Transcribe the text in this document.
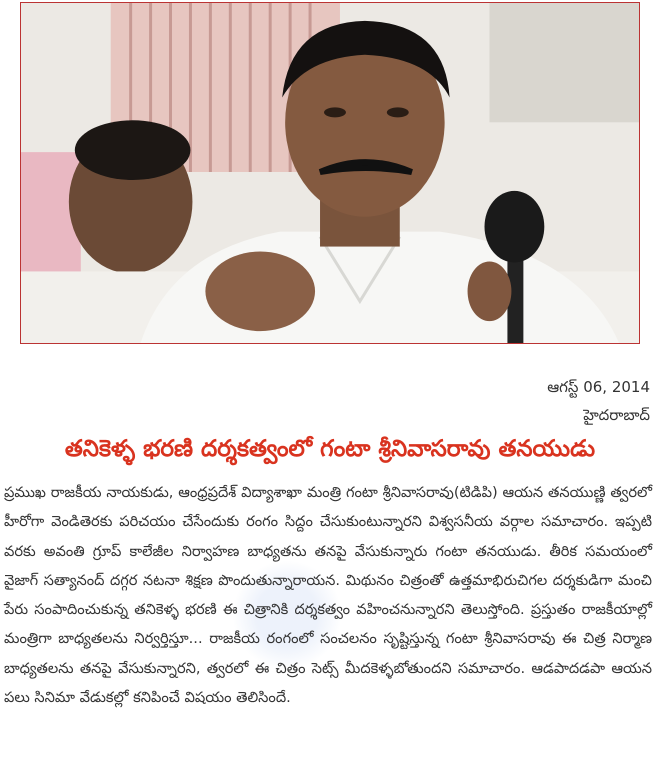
ఆగస్ట్ 06, 2014
హైదరాబాద్
తనికెళ్ళ భరణి దర్శకత్వంలో గంటా శ్రీనివాసరావు తనయుడు

ప్రముఖ రాజకీయ నాయకుడు, ఆంధ్రప్రదేశ్ విద్యాశాఖా మంత్రి గంటా శ్రీనివాసరావు(టిడిపి) ఆయన తనయుణ్ణి త్వరలో హీరోగా వెండితెరకు పరిచయం చేసేందుకు రంగం సిద్దం చేసుకుంటున్నారని విశ్వసనీయ వర్గాల సమాచారం. ఇప్పటి వరకు అవంతి గ్రూప్ కాలేజీల నిర్వాహణ బాధ్యతను తనపై వేసుకున్నారు గంటా తనయుడు. తీరిక సమయంలో వైజాగ్ సత్యానంద్ దగ్గర నటనా శిక్షణ పొందుతున్నారాయన. మిథునం చిత్రంతో ఉత్తమాభిరుచిగల దర్శకుడిగా మంచి పేరు సంపాదించుకున్న తనికెళ్ళ భరణి ఈ చిత్రానికి దర్శకత్వం వహించనున్నారని తెలుస్తోంది. ప్రస్తుతం రాజకీయాల్లో మంత్రిగా బాధ్యతలను నిర్వర్తిస్తూ... రాజకీయ రంగంలో సంచలనం సృష్టిస్తున్న గంటా శ్రీనివాసరావు ఈ చిత్ర నిర్మాణ బాధ్యతలను తనపై వేసుకున్నారని, త్వరలో ఈ చిత్రం సెట్స్ మీదకెళ్ళబోతుందని సమాచారం. ఆడపాదడపా ఆయన పలు సినిమా వేడుకల్లో కనిపించే విషయం తెలిసిందే.
